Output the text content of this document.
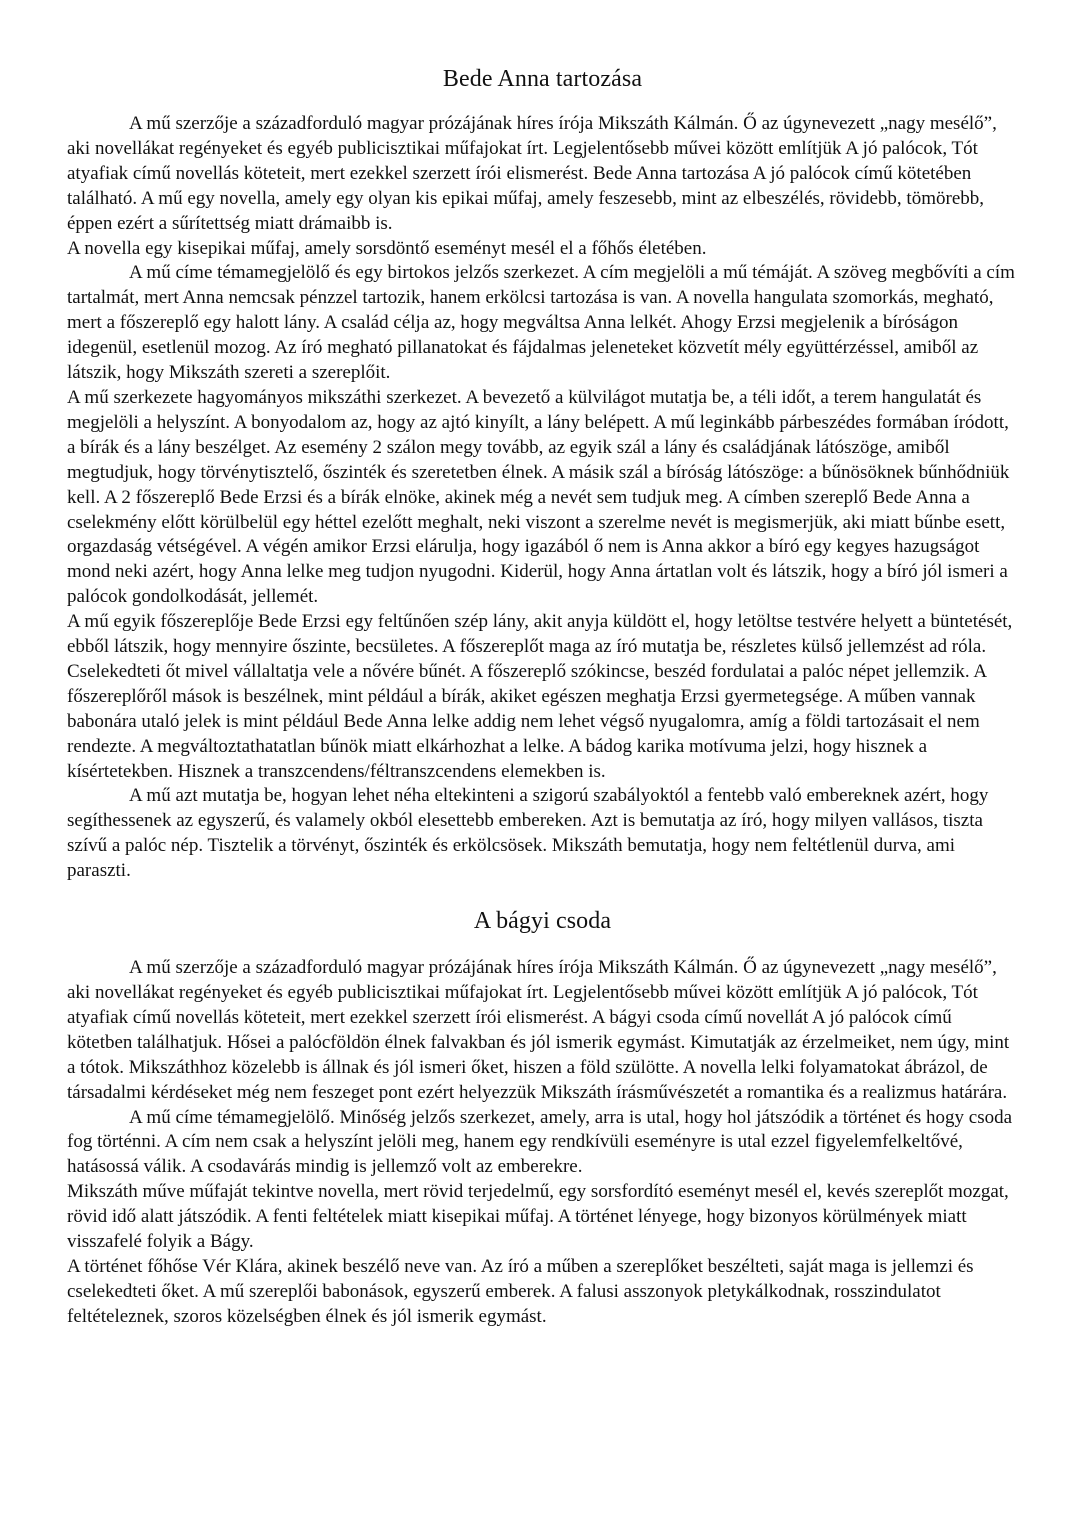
Bede Anna tartozása

A mű szerzője a századforduló magyar prózájának híres írója Mikszáth Kálmán. Ő az úgynevezett „nagy mesélő”, aki novellákat regényeket és egyéb publicisztikai műfajokat írt. Legjelentősebb művei között említjük A jó palócok, Tót atyafiak című novellás köteteit, mert ezekkel szerzett írói elismerést. Bede Anna tartozása A jó palócok című kötetében található. A mű egy novella, amely egy olyan kis epikai műfaj, amely feszesebb, mint az elbeszélés, rövidebb, tömörebb, éppen ezért a sűrítettség miatt drámaibb is.

A novella egy kisepikai műfaj, amely sorsdöntő eseményt mesél el a főhős életében.

A mű címe témamegjelölő és egy birtokos jelzős szerkezet. A cím megjelöli a mű témáját. A szöveg megbővíti a cím tartalmát, mert Anna nemcsak pénzzel tartozik, hanem erkölcsi tartozása is van. A novella hangulata szomorkás, megható, mert a főszereplő egy halott lány. A család célja az, hogy megváltsa Anna lelkét. Ahogy Erzsi megjelenik a bíróságon idegenül, esetlenül mozog. Az író megható pillanatokat és fájdalmas jeleneteket közvetít mély együttérzéssel, amiből az látszik, hogy Mikszáth szereti a szereplőit.

A mű szerkezete hagyományos mikszáthi szerkezet. A bevezető a külvilágot mutatja be, a téli időt, a terem hangulatát és megjelöli a helyszínt. A bonyodalom az, hogy az ajtó kinyílt, a lány belépett. A mű leginkább párbeszédes formában íródott, a bírák és a lány beszélget. Az esemény 2 szálon megy tovább, az egyik szál a lány és családjának látószöge, amiből megtudjuk, hogy törvénytisztelő, őszinték és szeretetben élnek. A másik szál a bíróság látószöge: a bűnösöknek bűnhődniük kell. A 2 főszereplő Bede Erzsi és a bírák elnöke, akinek még a nevét sem tudjuk meg. A címben szereplő Bede Anna a cselekmény előtt körülbelül egy héttel ezelőtt meghalt, neki viszont a szerelme nevét is megismerjük, aki miatt bűnbe esett, orgazdaság vétségével. A végén amikor Erzsi elárulja, hogy igazából ő nem is Anna akkor a bíró egy kegyes hazugságot mond neki azért, hogy Anna lelke meg tudjon nyugodni. Kiderül, hogy Anna ártatlan volt és látszik, hogy a bíró jól ismeri a palócok gondolkodását, jellemét.

A mű egyik főszereplője Bede Erzsi egy feltűnően szép lány, akit anyja küldött el, hogy letöltse testvére helyett a büntetését, ebből látszik, hogy mennyire őszinte, becsületes. A főszereplőt maga az író mutatja be, részletes külső jellemzést ad róla. Cselekedteti őt mivel vállaltatja vele a nővére bűnét. A főszereplő szókincse, beszéd fordulatai a palóc népet jellemzik. A főszereplőről mások is beszélnek, mint például a bírák, akiket egészen meghatja Erzsi gyermetegsége. A műben vannak babonára utaló jelek is mint például Bede Anna lelke addig nem lehet végső nyugalomra, amíg a földi tartozásait el nem rendezte. A megváltoztathatatlan bűnök miatt elkárhozhat a lelke. A bádog karika motívuma jelzi, hogy hisznek a kísértetekben. Hisznek a transzcendens/féltranszcendens elemekben is.

A mű azt mutatja be, hogyan lehet néha eltekinteni a szigorú szabályoktól a fentebb való embereknek azért, hogy segíthessenek az egyszerű, és valamely okból elesettebb embereken. Azt is bemutatja az író, hogy milyen vallásos, tiszta szívű a palóc nép. Tisztelik a törvényt, őszinték és erkölcsösek. Mikszáth bemutatja, hogy nem feltétlenül durva, ami paraszti.

A bágyi csoda

A mű szerzője a századforduló magyar prózájának híres írója Mikszáth Kálmán. Ő az úgynevezett „nagy mesélő”, aki novellákat regényeket és egyéb publicisztikai műfajokat írt. Legjelentősebb művei között említjük A jó palócok, Tót atyafiak című novellás köteteit, mert ezekkel szerzett írói elismerést. A bágyi csoda című novellát A jó palócok című kötetben találhatjuk. Hősei a palócföldön élnek falvakban és jól ismerik egymást. Kimutatják az érzelmeiket, nem úgy, mint a tótok. Mikszáthhoz közelebb is állnak és jól ismeri őket, hiszen a föld szülötte. A novella lelki folyamatokat ábrázol, de társadalmi kérdéseket még nem feszeget pont ezért helyezzük Mikszáth írásművészetét a romantika és a realizmus határára.

A mű címe témamegjelölő. Minőség jelzős szerkezet, amely, arra is utal, hogy hol játszódik a történet és hogy csoda fog történni. A cím nem csak a helyszínt jelöli meg, hanem egy rendkívüli eseményre is utal ezzel figyelemfelkeltővé, hatásossá válik. A csodavárás mindig is jellemző volt az emberekre.

Mikszáth műve műfaját tekintve novella, mert rövid terjedelmű, egy sorsfordító eseményt mesél el, kevés szereplőt mozgat, rövid idő alatt játszódik. A fenti feltételek miatt kisepikai műfaj. A történet lényege, hogy bizonyos körülmények miatt visszafelé folyik a Bágy.

A történet főhőse Vér Klára, akinek beszélő neve van. Az író a műben a szereplőket beszélteti, saját maga is jellemzi és cselekedteti őket. A mű szereplői babonások, egyszerű emberek. A falusi asszonyok pletykálkodnak, rosszindulatot feltételeznek, szoros közelségben élnek és jól ismerik egymást.
